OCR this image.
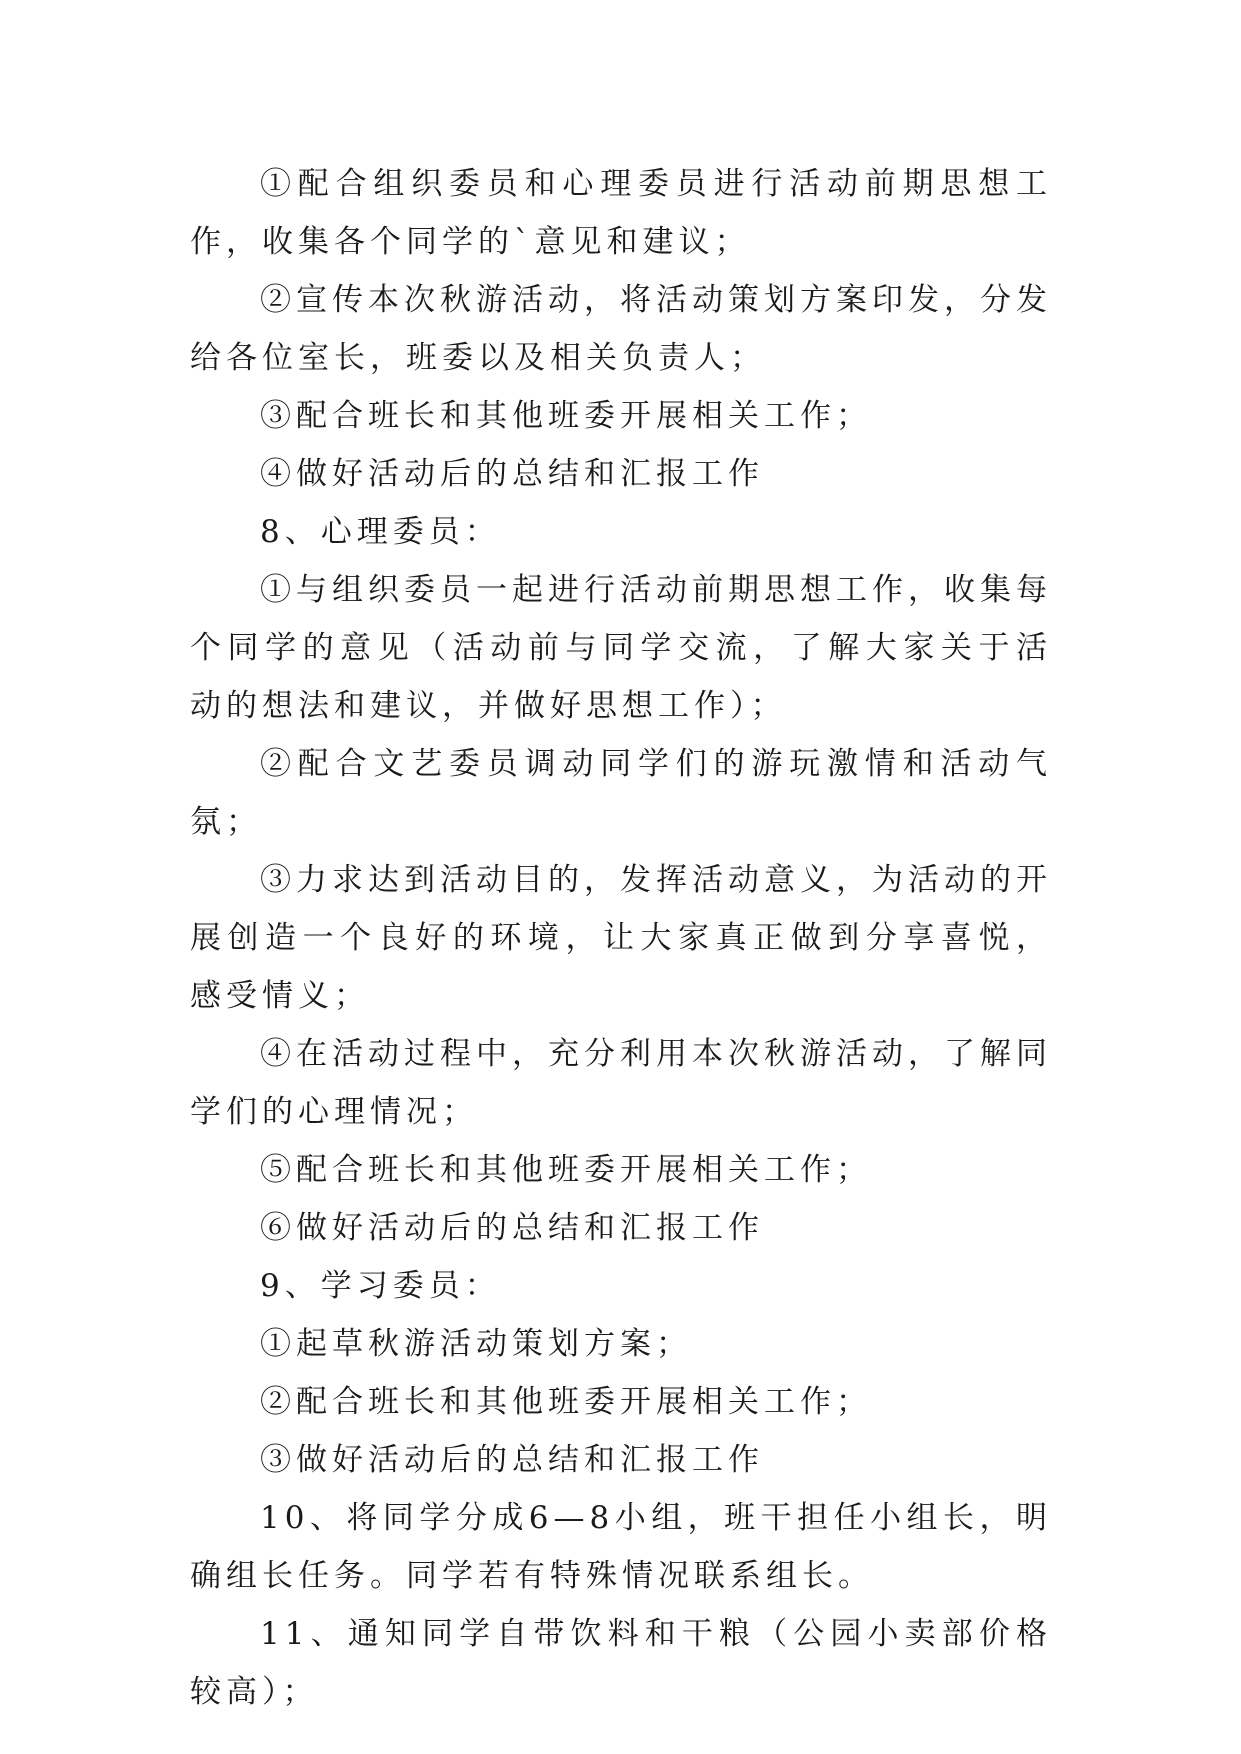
①配合组织委员和心理委员进行活动前期思想工作，收集各个同学的`意见和建议；

②宣传本次秋游活动，将活动策划方案印发，分发给各位室长，班委以及相关负责人；

③配合班长和其他班委开展相关工作；

④做好活动后的总结和汇报工作

8、心理委员：

①与组织委员一起进行活动前期思想工作，收集每个同学的意见（活动前与同学交流，了解大家关于活动的想法和建议，并做好思想工作）；

②配合文艺委员调动同学们的游玩激情和活动气氛；

③力求达到活动目的，发挥活动意义，为活动的开展创造一个良好的环境，让大家真正做到分享喜悦，感受情义；

④在活动过程中，充分利用本次秋游活动，了解同学们的心理情况；

⑤配合班长和其他班委开展相关工作；

⑥做好活动后的总结和汇报工作

9、学习委员：

①起草秋游活动策划方案；

②配合班长和其他班委开展相关工作；

③做好活动后的总结和汇报工作

10、将同学分成6—8小组，班干担任小组长，明确组长任务。同学若有特殊情况联系组长。

11、通知同学自带饮料和干粮（公园小卖部价格较高）；
